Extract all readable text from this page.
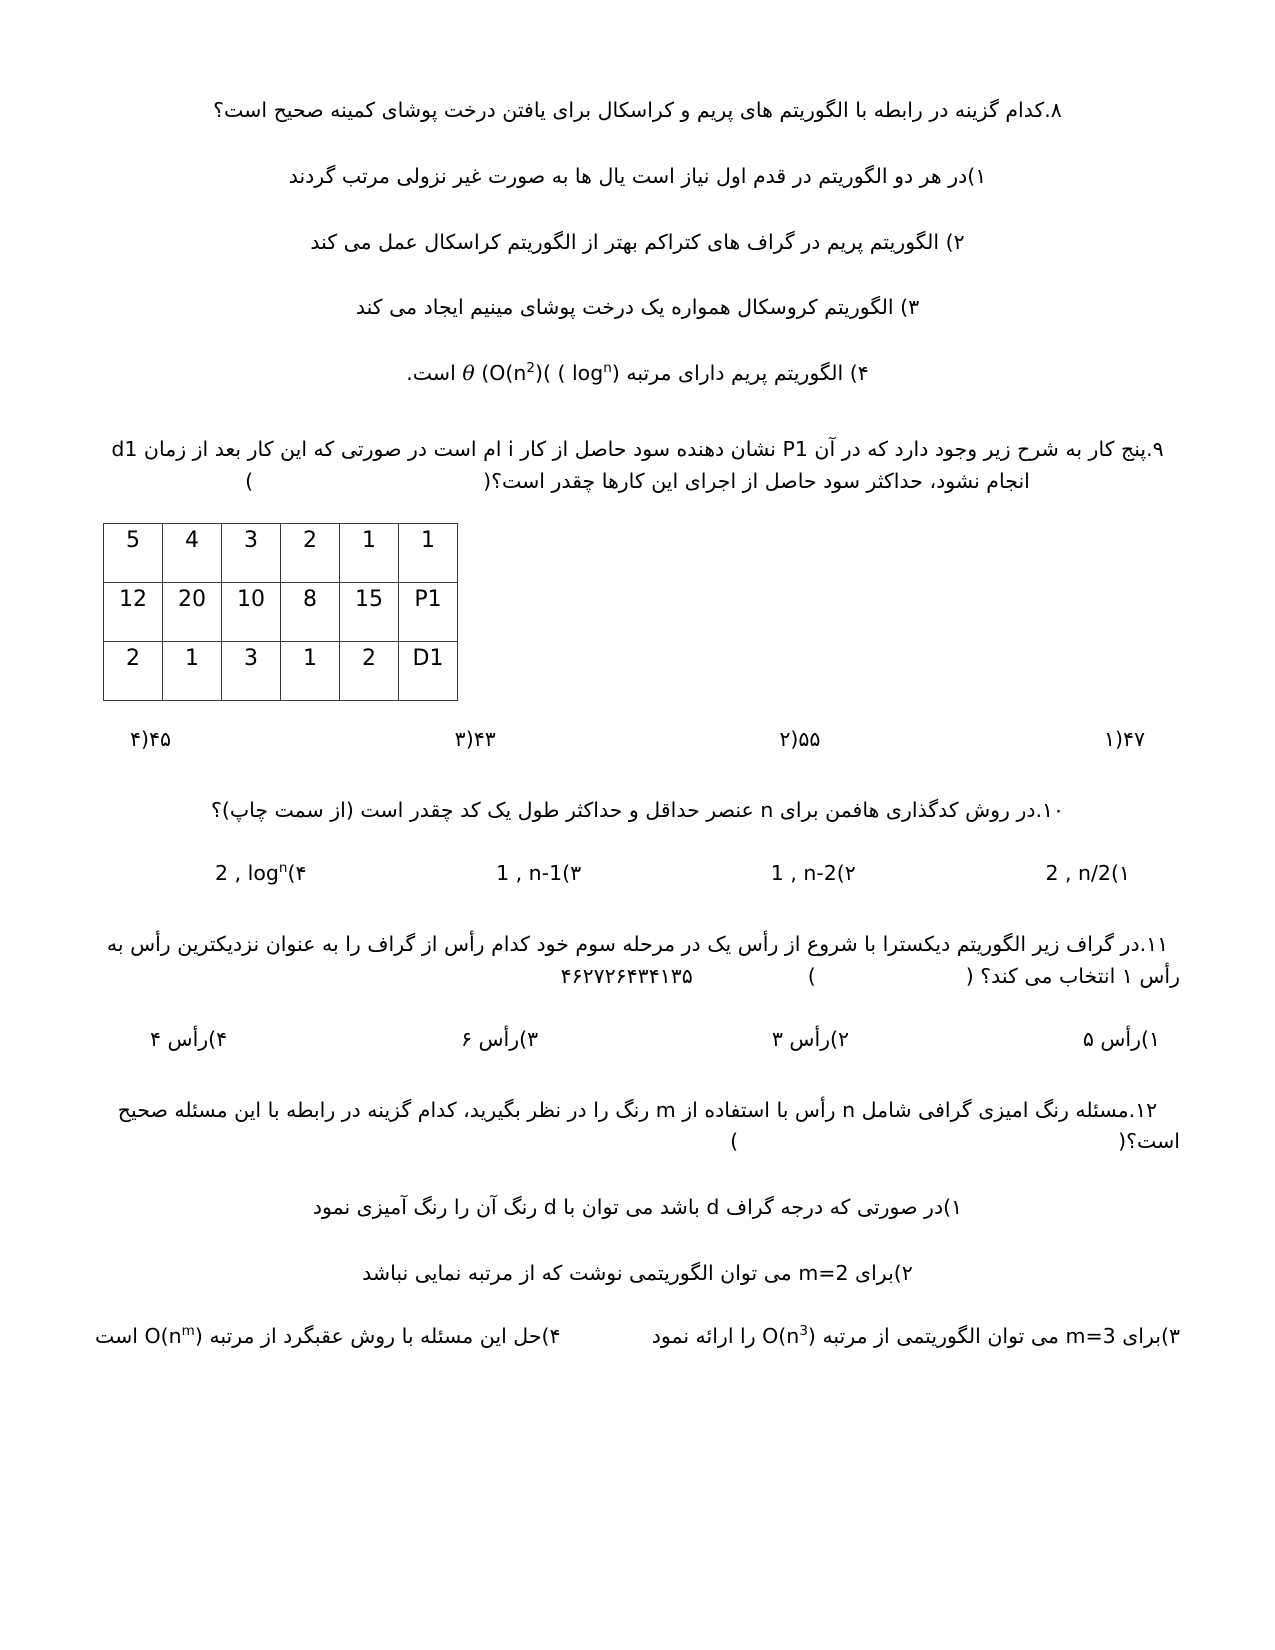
۸.کدام گزینه در رابطه با الگوریتم های پریم و کراسکال برای یافتن درخت پوشای کمینه صحیح است؟

۱)در هر دو الگوریتم در قدم اول نیاز است یال ها به صورت غیر نزولی مرتب گردند

۲) الگوریتم پریم در گراف های کتراکم بهتر از الگوریتم کراسکال عمل می کند

۳) الگوریتم کروسکال همواره یک درخت پوشای مینیم ایجاد می کند

۴) الگوریتم پریم دارای مرتبه ($\log^n$ ) ($O(n^2)$( θ است.

۹.پنج کار به شرح زیر وجود دارد که در آن P1 نشان دهنده سود حاصل از کار i ام است در صورتی که این کار بعد از زمان d1

انجام نشود، حداکثر سود حاصل از اجرای این کارها چقدر است؟()

5	4	3	2	1	1
12	20	10	8	15	P1
2	1	3	1	2	D1
۴۷(۱
۵۵(۲
۴۳(۳
۴۵(۴

۱۰.در روش کدگذاری هافمن برای n عنصر حداقل و حداکثر طول یک کد چقدر است (از سمت چاپ)؟

2 , n/2(۱
1 , n-2(۲
1 , n-1(۳
2 , $\log^n(۴$

۱۱.در گراف زیر الگوریتم دیکسترا با شروع از رأس یک در مرحله سوم خود کدام رأس از گراف را به عنوان نزدیکترین رأس به

رأس ۱ انتخاب می کند؟ ()۴۶۲۷۲۶۴۳۴۱۳۵

۱)رأس ۵
۲)رأس ۳
۳)رأس ۶
۴)رأس ۴

۱۲.مسئله رنگ امیزی گرافی شامل n رأس با استفاده از m رنگ را در نظر بگیرید، کدام گزینه در رابطه با این مسئله صحیح

است؟()

۱)در صورتی که درجه گراف d باشد می توان با d رنگ آن را رنگ آمیزی نمود

۲)برای m=2 می توان الگوریتمی نوشت که از مرتبه نمایی نباشد

۳)برای m=3 می توان الگوریتمی از مرتبه $O(n^3)$ را ارائه نمود
۴)حل این مسئله با روش عقبگرد از مرتبه $O(n^m)$ است
